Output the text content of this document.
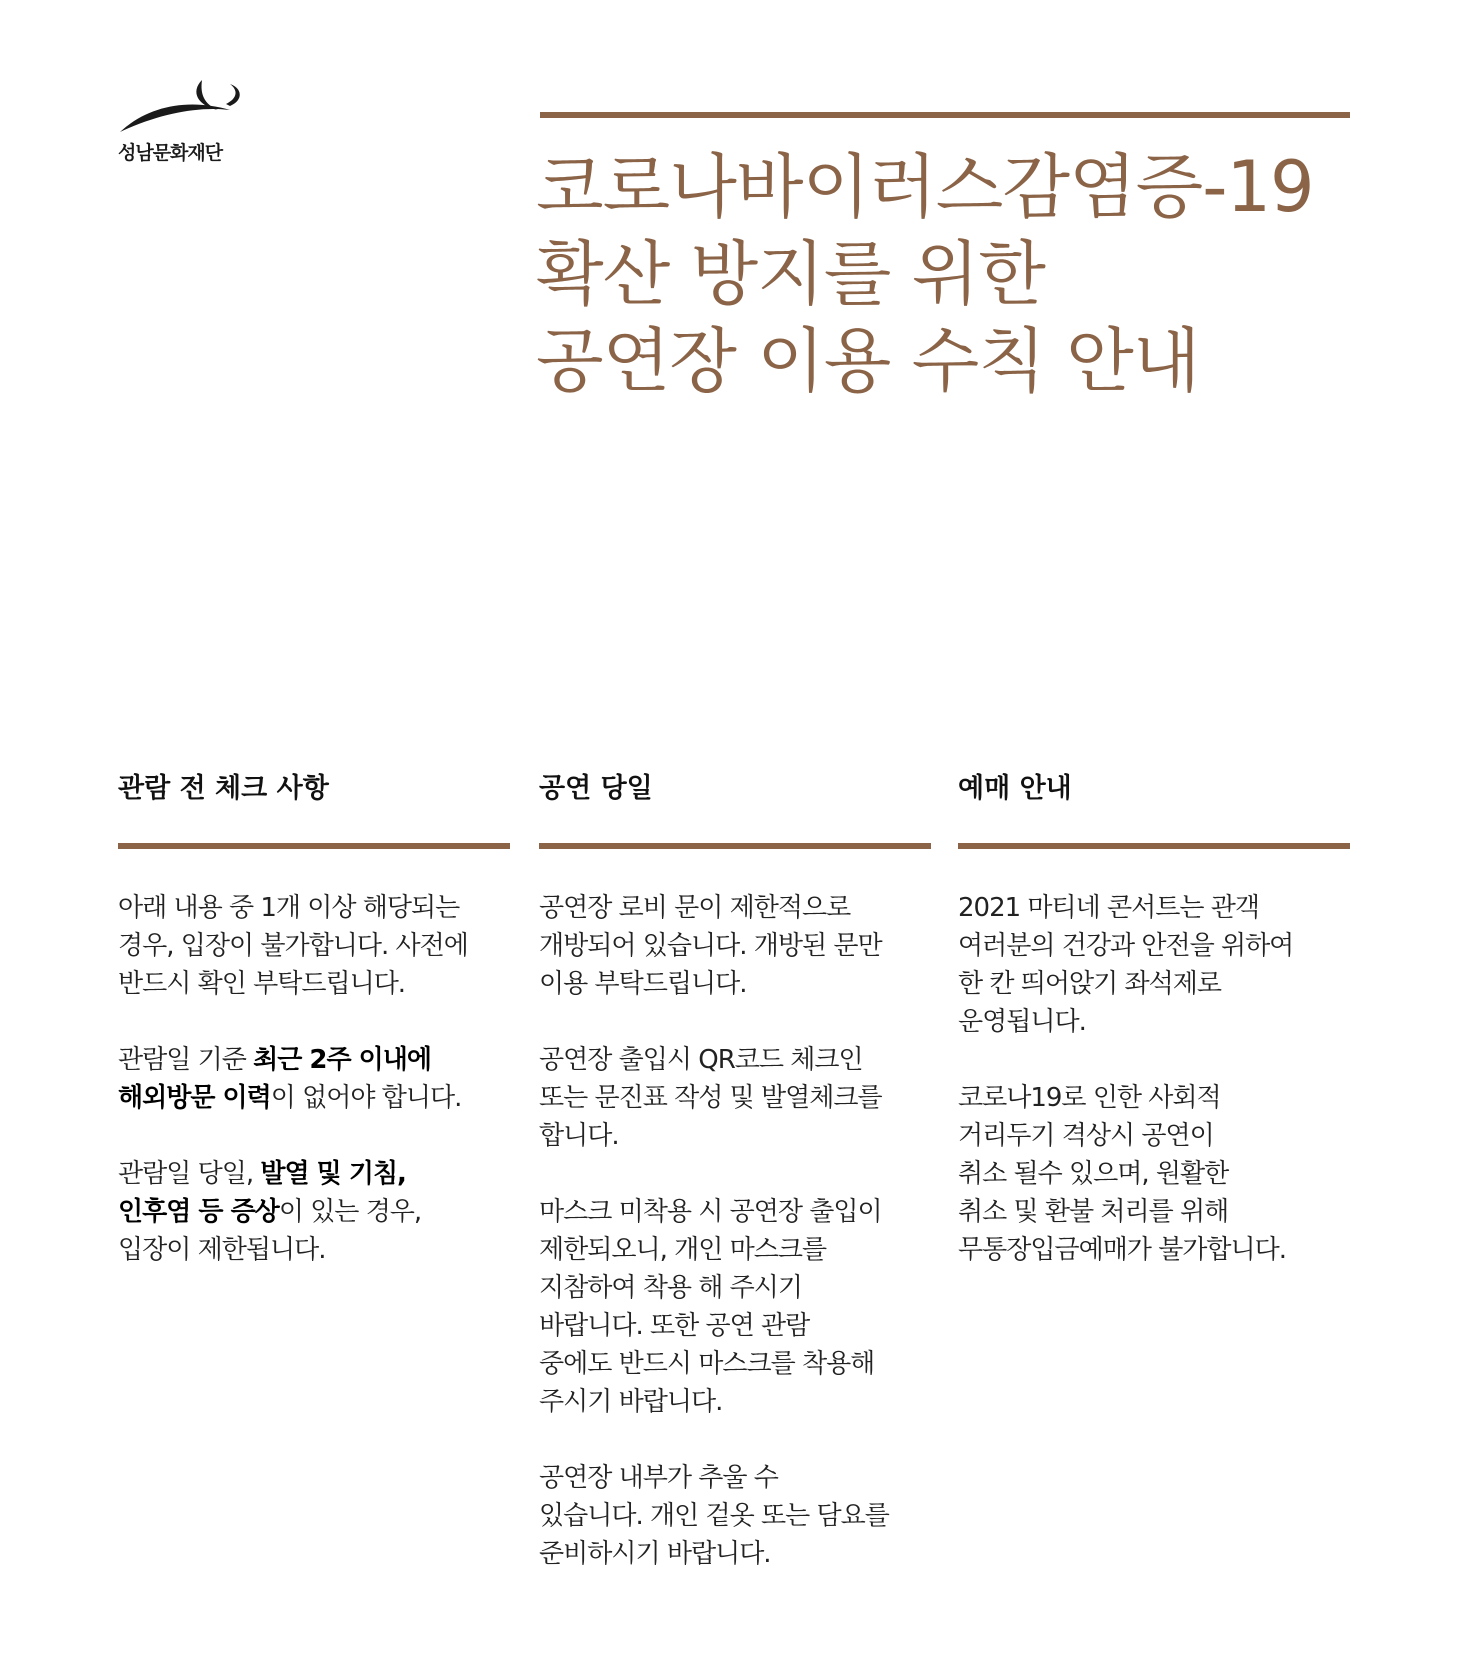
성남문화재단	코로나바이러스감염증-19
확산 방지를 위한
공연장 이용 수칙 안내
관람 전 체크 사항

아래 내용 중 1개 이상 해당되는
경우, 입장이 불가합니다. 사전에
반드시 확인 부탁드립니다.

관람일 기준 최근 2주 이내에
해외방문 이력이 없어야 합니다.

관람일 당일, 발열 및 기침,
인후염 등 증상이 있는 경우,
입장이 제한됩니다.

공연 당일

공연장 로비 문이 제한적으로
개방되어 있습니다. 개방된 문만
이용 부탁드립니다.

공연장 출입시 QR코드 체크인
또는 문진표 작성 및 발열체크를
합니다.

마스크 미착용 시 공연장 출입이
제한되오니, 개인 마스크를
지참하여 착용 해 주시기
바랍니다. 또한 공연 관람
중에도 반드시 마스크를 착용해
주시기 바랍니다.

공연장 내부가 추울 수
있습니다. 개인 겉옷 또는 담요를
준비하시기 바랍니다.

예매 안내

2021 마티네 콘서트는 관객
여러분의 건강과 안전을 위하여
한 칸 띄어앉기 좌석제로
운영됩니다.

코로나19로 인한 사회적
거리두기 격상시 공연이
취소 될수 있으며, 원활한
취소 및 환불 처리를 위해
무통장입금예매가 불가합니다.
